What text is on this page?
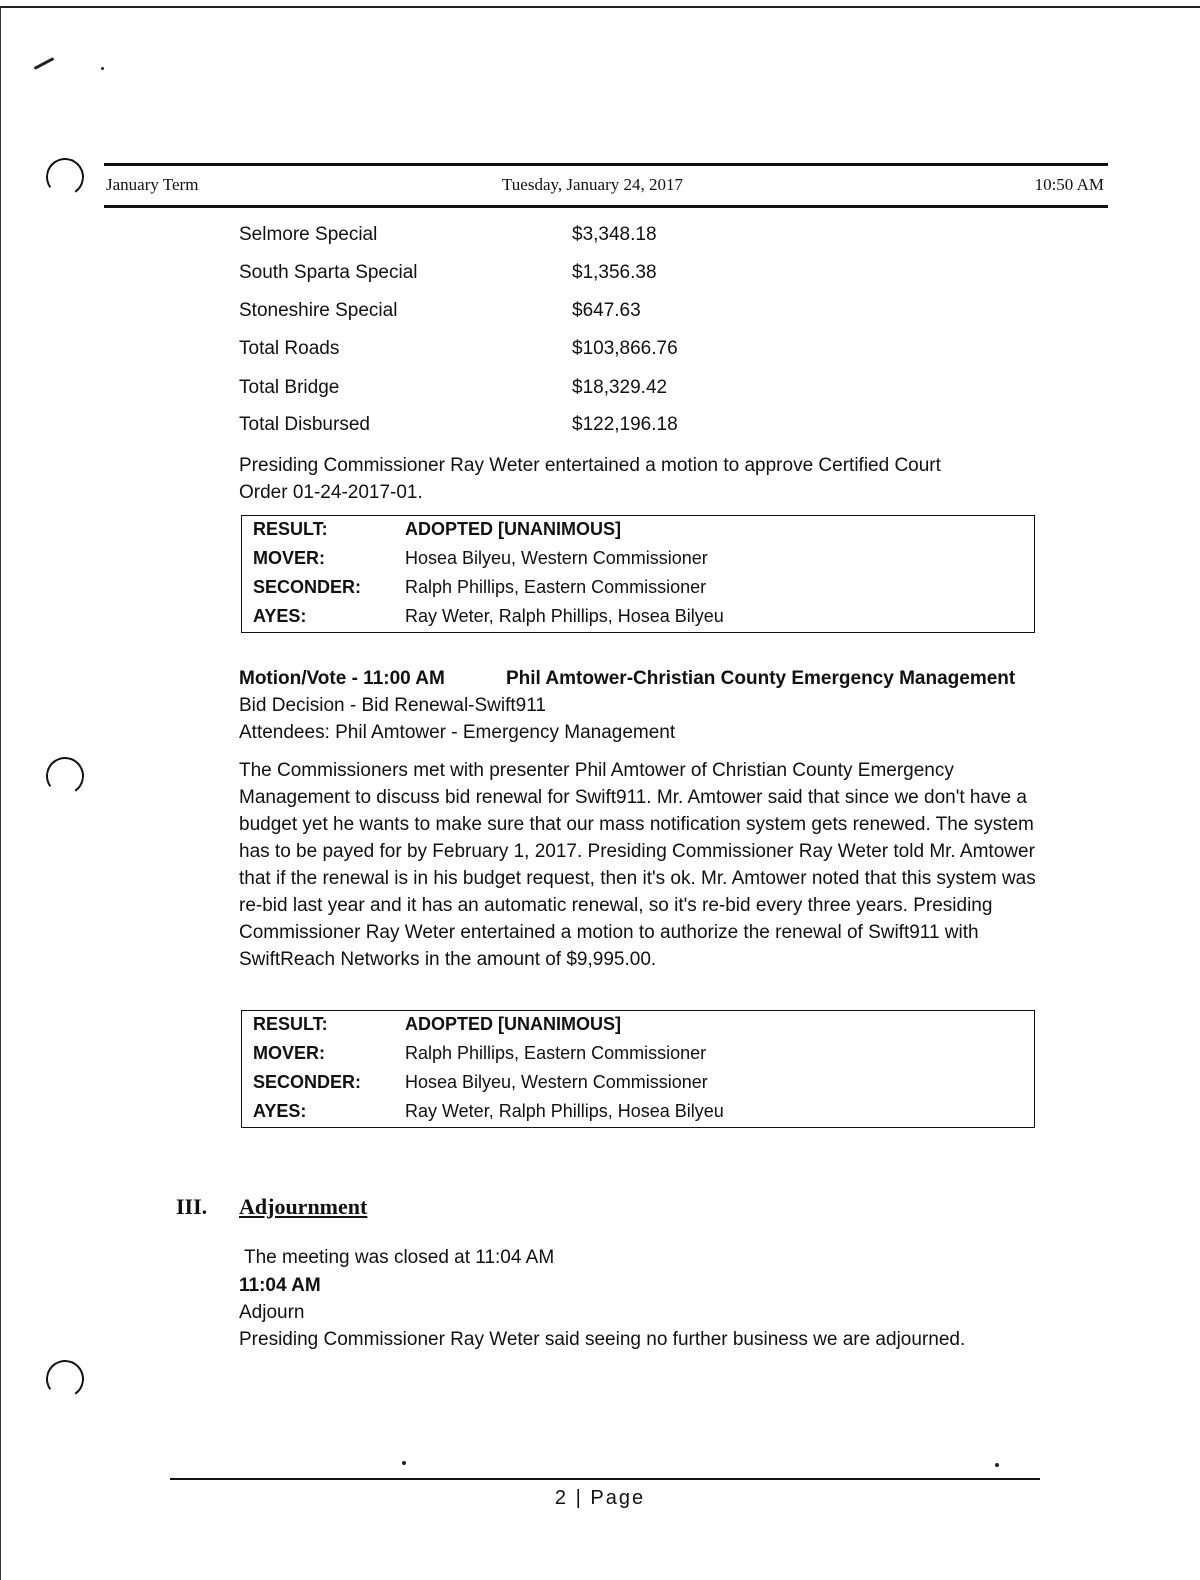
January Term	Tuesday, January 24, 2017	10:50 AM
Selmore Special	$3,348.18
South Sparta Special	$1,356.38
Stoneshire Special	$647.63
Total Roads	$103,866.76
Total Bridge	$18,329.42
Total Disbursed	$122,196.18
Presiding Commissioner Ray Weter entertained a motion to approve Certified Court
Order 01-24-2017-01.
RESULT:	ADOPTED [UNANIMOUS]
MOVER:	Hosea Bilyeu, Western Commissioner
SECONDER: Ralph Phillips, Eastern Commissioner
AYES:	Ray Weter, Ralph Phillips, Hosea Bilyeu
Motion/Vote - 11:00 AM	Phil Amtower-Christian County Emergency Management
Bid Decision - Bid Renewal-Swift911
Attendees: Phil Amtower - Emergency Management
The Commissioners met with presenter Phil Amtower of Christian County Emergency Management to discuss bid renewal for Swift911. Mr. Amtower said that since we don't have a budget yet he wants to make sure that our mass notification system gets renewed. The system has to be payed for by February 1, 2017. Presiding Commissioner Ray Weter told Mr. Amtower that if the renewal is in his budget request, then it's ok. Mr. Amtower noted that this system was re-bid last year and it has an automatic renewal, so it's re-bid every three years. Presiding Commissioner Ray Weter entertained a motion to authorize the renewal of Swift911 with SwiftReach Networks in the amount of $9,995.00.
RESULT:	ADOPTED [UNANIMOUS]
MOVER:	Ralph Phillips, Eastern Commissioner
SECONDER: Hosea Bilyeu, Western Commissioner
AYES:	Ray Weter, Ralph Phillips, Hosea Bilyeu
III. Adjournment
The meeting was closed at 11:04 AM
11:04 AM
Adjourn
Presiding Commissioner Ray Weter said seeing no further business we are adjourned.
2 | Page
